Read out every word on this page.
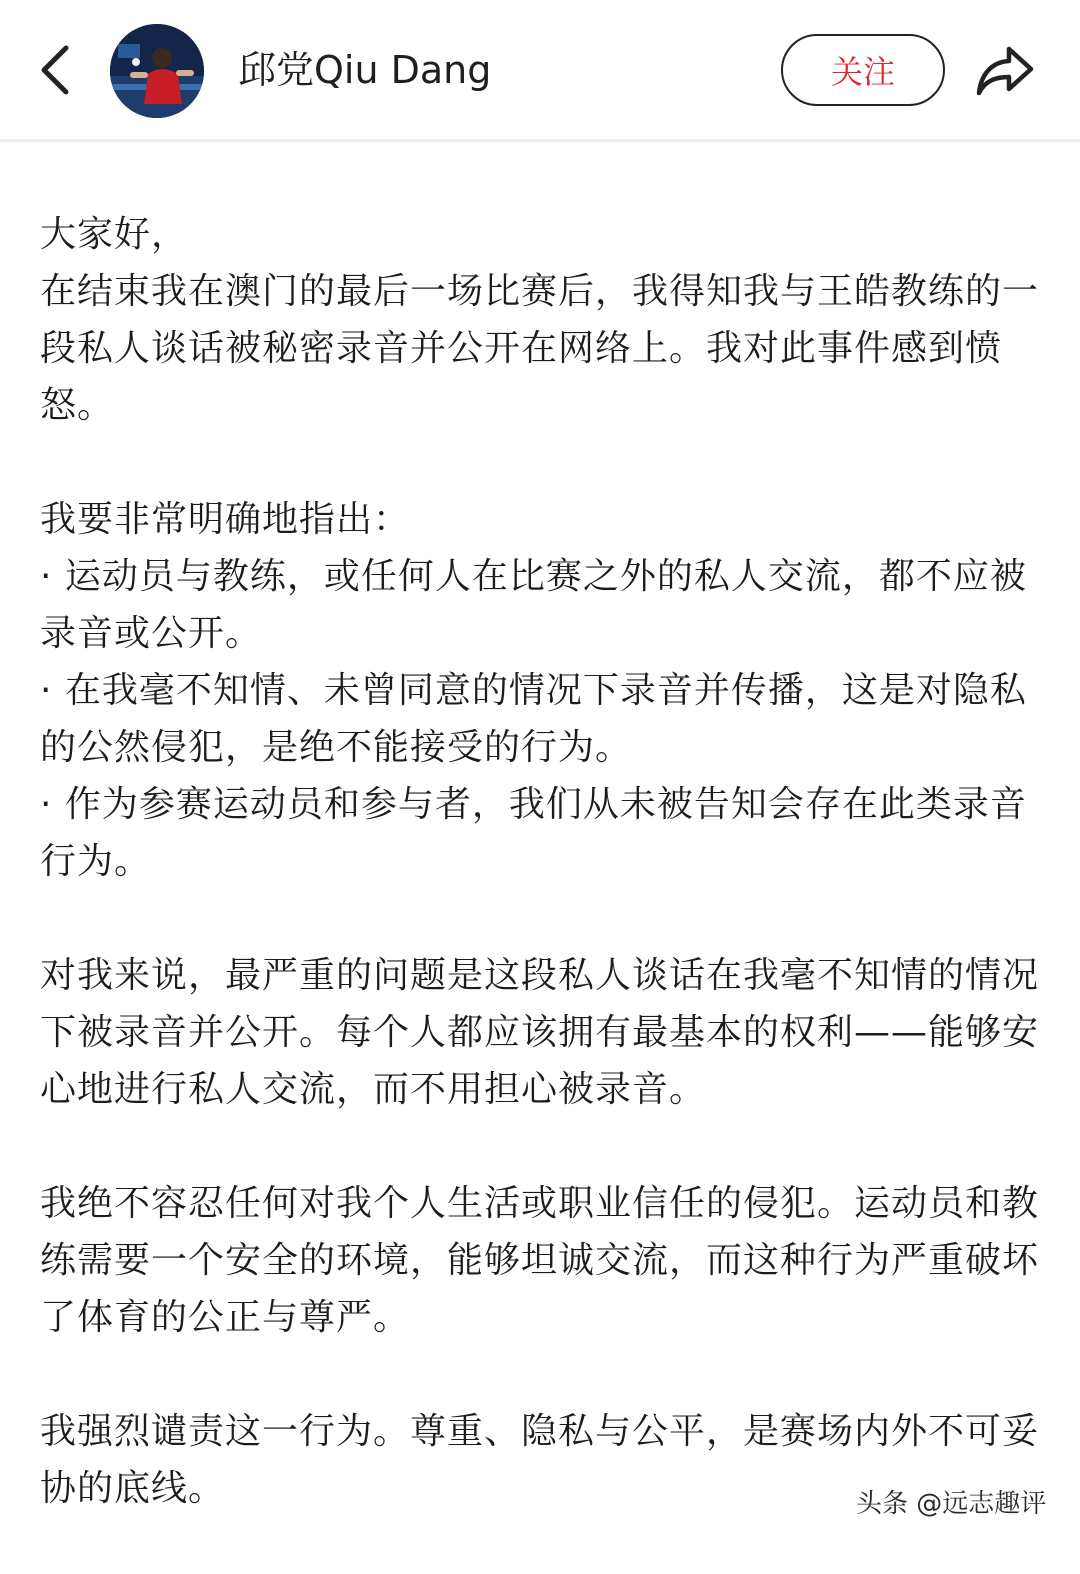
邱党Qiu Dang	关注

大家好，

在结束我在澳门的最后一场比赛后，我得知我与王皓教练的一段私人谈话被秘密录音并公开在网络上。我对此事件感到愤怒。

我要非常明确地指出：

· 运动员与教练，或任何人在比赛之外的私人交流，都不应被录音或公开。

· 在我毫不知情、未曾同意的情况下录音并传播，这是对隐私的公然侵犯，是绝不能接受的行为。

· 作为参赛运动员和参与者，我们从未被告知会存在此类录音行为。

对我来说，最严重的问题是这段私人谈话在我毫不知情的情况下被录音并公开。每个人都应该拥有最基本的权利——能够安心地进行私人交流，而不用担心被录音。

我绝不容忍任何对我个人生活或职业信任的侵犯。运动员和教练需要一个安全的环境，能够坦诚交流，而这种行为严重破坏了体育的公正与尊严。

我强烈谴责这一行为。尊重、隐私与公平，是赛场内外不可妥协的底线。	头条 @远志趣评
